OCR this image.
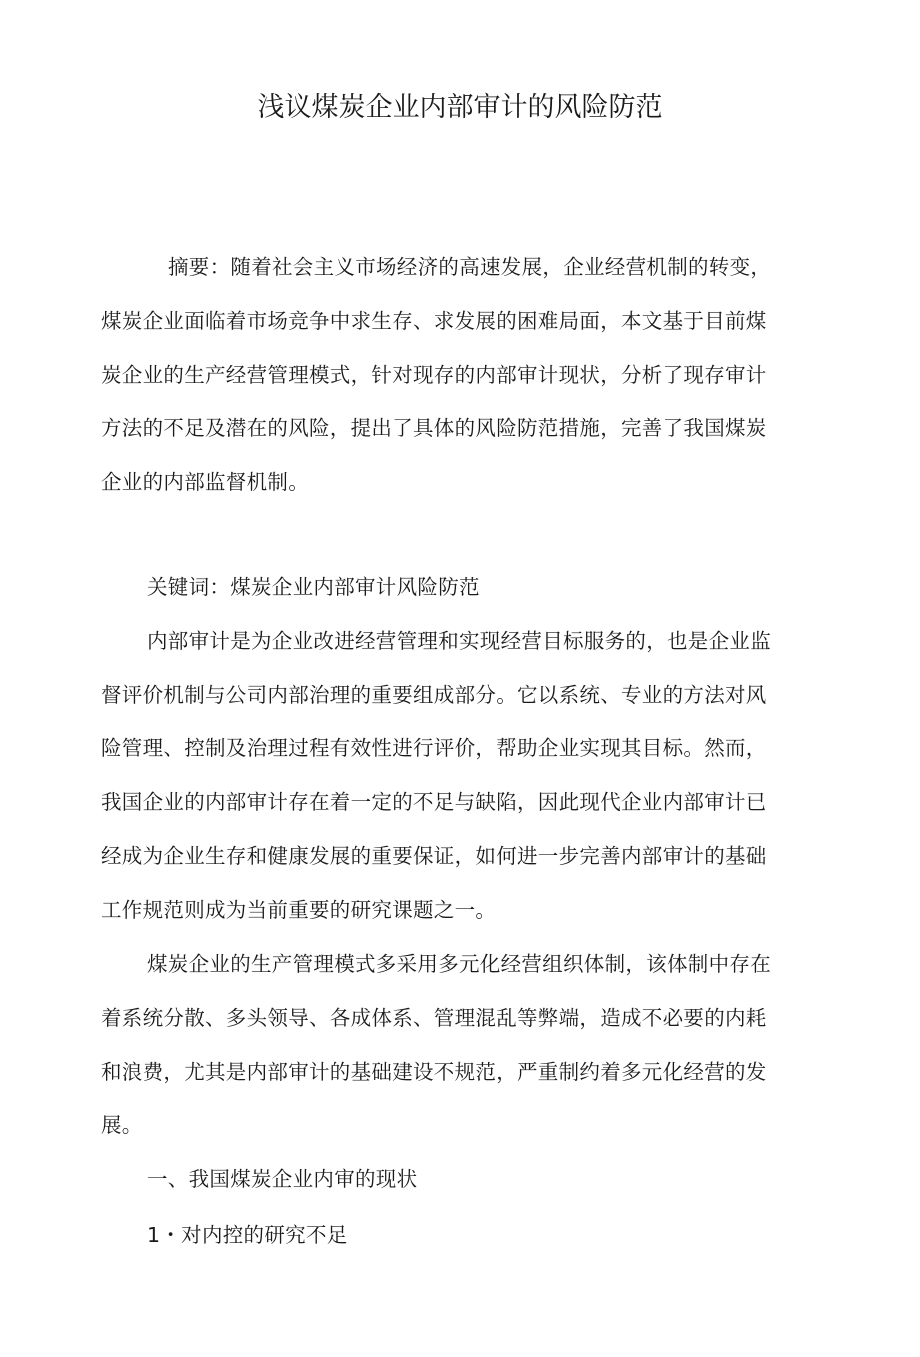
浅议煤炭企业内部审计的风险防范
摘要：随着社会主义市场经济的高速发展，企业经营机制的转变，
煤炭企业面临着市场竞争中求生存、求发展的困难局面，本文基于目前煤
炭企业的生产经营管理模式，针对现存的内部审计现状，分析了现存审计
方法的不足及潜在的风险，提出了具体的风险防范措施，完善了我国煤炭
企业的内部监督机制。
关键词：煤炭企业内部审计风险防范
内部审计是为企业改进经营管理和实现经营目标服务的，也是企业监
督评价机制与公司内部治理的重要组成部分。它以系统、专业的方法对风
险管理、控制及治理过程有效性进行评价，帮助企业实现其目标。然而，
我国企业的内部审计存在着一定的不足与缺陷，因此现代企业内部审计已
经成为企业生存和健康发展的重要保证，如何进一步完善内部审计的基础
工作规范则成为当前重要的研究课题之一。
煤炭企业的生产管理模式多采用多元化经营组织体制，该体制中存在
着系统分散、多头领导、各成体系、管理混乱等弊端，造成不必要的内耗
和浪费，尤其是内部审计的基础建设不规范，严重制约着多元化经营的发
展。
一、我国煤炭企业内审的现状
1・对内控的研究不足
